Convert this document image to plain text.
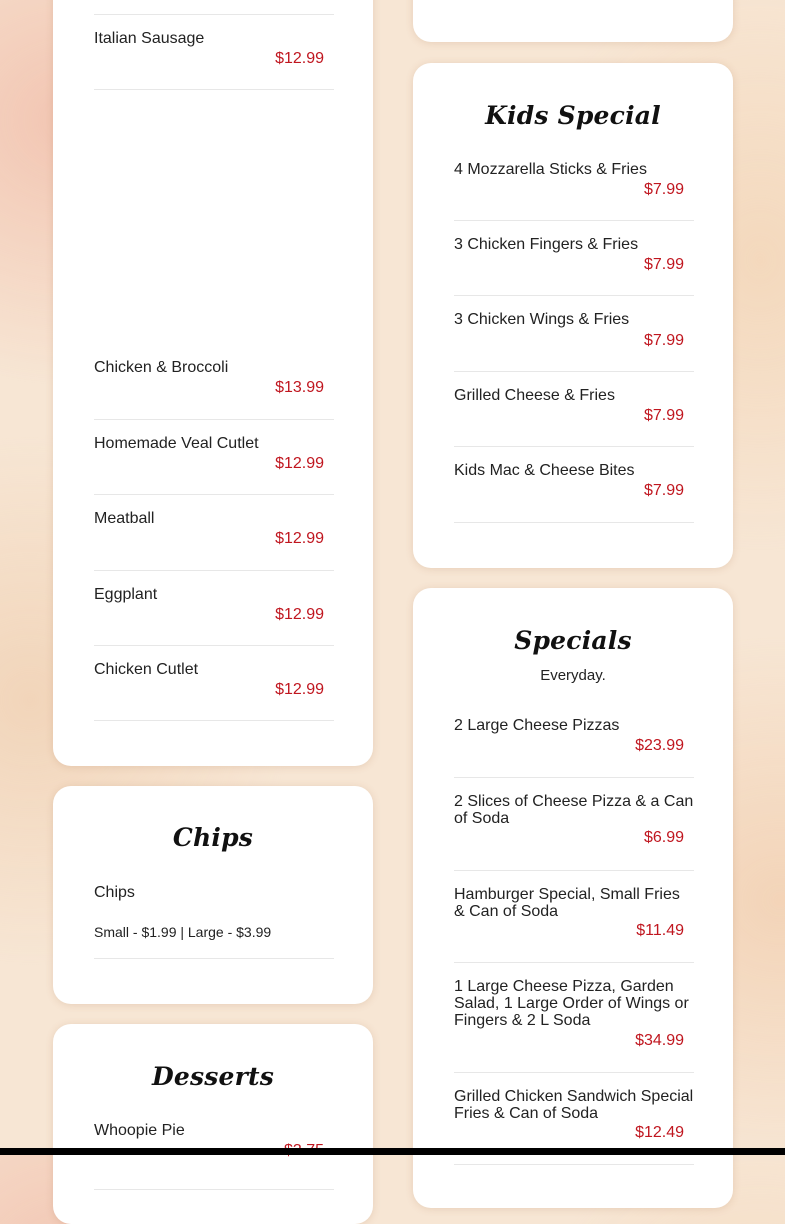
Italian Sausage
$12.99
Chicken & Broccoli
$13.99
Homemade Veal Cutlet
$12.99
Meatball
$12.99
Eggplant
$12.99
Chicken Cutlet
$12.99
Chips
Chips
Small - $1.99 | Large - $3.99
Desserts
Whoopie Pie
Kids Special
4 Mozzarella Sticks & Fries
$7.99
3 Chicken Fingers & Fries
$7.99
3 Chicken Wings & Fries
$7.99
Grilled Cheese & Fries
$7.99
Kids Mac & Cheese Bites
$7.99
Specials
Everyday.
2 Large Cheese Pizzas
$23.99
2 Slices of Cheese Pizza & a Can of Soda
$6.99
Hamburger Special, Small Fries & Can of Soda
$11.49
1 Large Cheese Pizza, Garden Salad, 1 Large Order of Wings or Fingers & 2 L Soda
$34.99
Grilled Chicken Sandwich Special Fries & Can of Soda
$12.49
